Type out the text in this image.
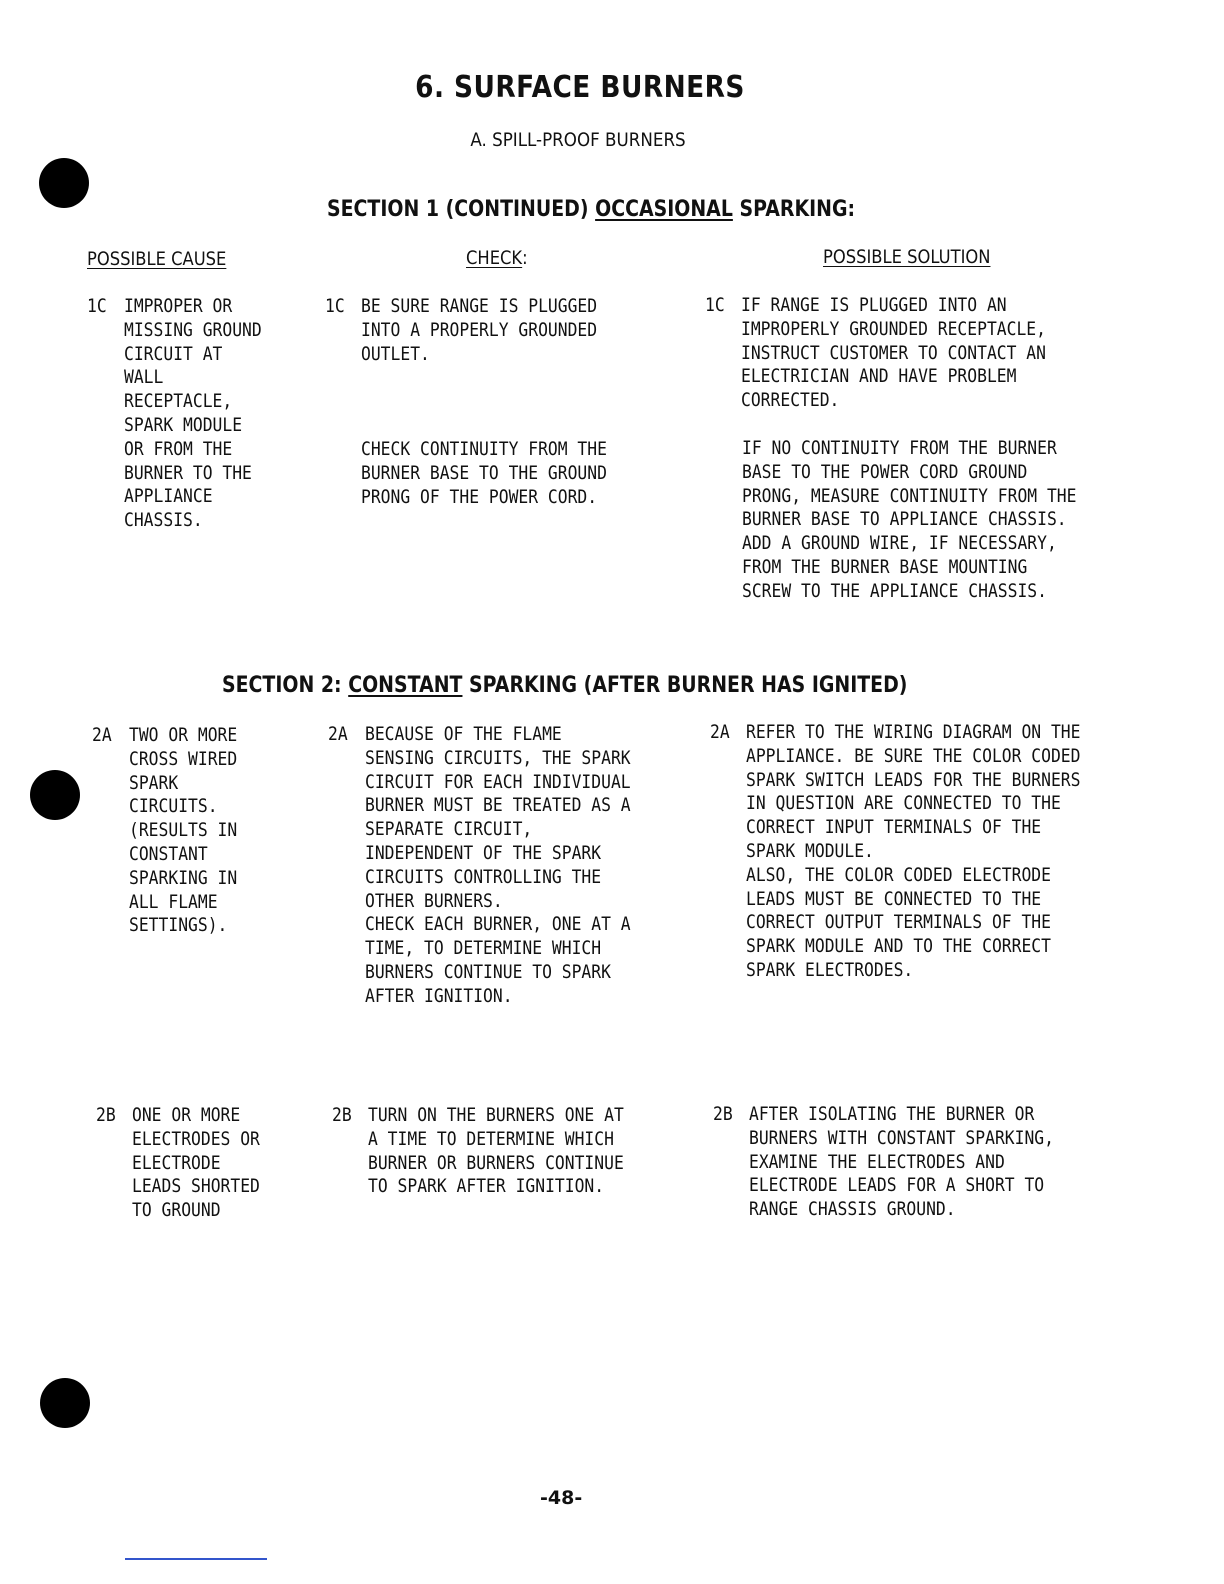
6. SURFACE BURNERS
A. SPILL-PROOF BURNERS
SECTION 1 (CONTINUED) OCCASIONAL SPARKING:
POSSIBLE CAUSE	CHECK:	POSSIBLE SOLUTION
1C IMPROPER OR
MISSING GROUND
CIRCUIT AT
WALL
RECEPTACLE,
SPARK MODULE
OR FROM THE
BURNER TO THE
APPLIANCE
CHASSIS.
1C BE SURE RANGE IS PLUGGED
INTO A PROPERLY GROUNDED
OUTLET.
CHECK CONTINUITY FROM THE
BURNER BASE TO THE GROUND
PRONG OF THE POWER CORD.
1C IF RANGE IS PLUGGED INTO AN
IMPROPERLY GROUNDED RECEPTACLE,
INSTRUCT CUSTOMER TO CONTACT AN
ELECTRICIAN AND HAVE PROBLEM
CORRECTED.
IF NO CONTINUITY FROM THE BURNER
BASE TO THE POWER CORD GROUND
PRONG, MEASURE CONTINUITY FROM THE
BURNER BASE TO APPLIANCE CHASSIS.
ADD A GROUND WIRE, IF NECESSARY,
FROM THE BURNER BASE MOUNTING
SCREW TO THE APPLIANCE CHASSIS.
SECTION 2: CONSTANT SPARKING (AFTER BURNER HAS IGNITED)
2A TWO OR MORE
CROSS WIRED
SPARK
CIRCUITS.
(RESULTS IN
CONSTANT
SPARKING IN
ALL FLAME
SETTINGS).
2A BECAUSE OF THE FLAME
SENSING CIRCUITS, THE SPARK
CIRCUIT FOR EACH INDIVIDUAL
BURNER MUST BE TREATED AS A
SEPARATE CIRCUIT,
INDEPENDENT OF THE SPARK
CIRCUITS CONTROLLING THE
OTHER BURNERS.
CHECK EACH BURNER, ONE AT A
TIME, TO DETERMINE WHICH
BURNERS CONTINUE TO SPARK
AFTER IGNITION.
2A REFER TO THE WIRING DIAGRAM ON THE
APPLIANCE. BE SURE THE COLOR CODED
SPARK SWITCH LEADS FOR THE BURNERS
IN QUESTION ARE CONNECTED TO THE
CORRECT INPUT TERMINALS OF THE
SPARK MODULE.
ALSO, THE COLOR CODED ELECTRODE
LEADS MUST BE CONNECTED TO THE
CORRECT OUTPUT TERMINALS OF THE
SPARK MODULE AND TO THE CORRECT
SPARK ELECTRODES.
2B ONE OR MORE
ELECTRODES OR
ELECTRODE
LEADS SHORTED
TO GROUND
2B TURN ON THE BURNERS ONE AT
A TIME TO DETERMINE WHICH
BURNER OR BURNERS CONTINUE
TO SPARK AFTER IGNITION.
2B AFTER ISOLATING THE BURNER OR
BURNERS WITH CONSTANT SPARKING,
EXAMINE THE ELECTRODES AND
ELECTRODE LEADS FOR A SHORT TO
RANGE CHASSIS GROUND.
-48-
